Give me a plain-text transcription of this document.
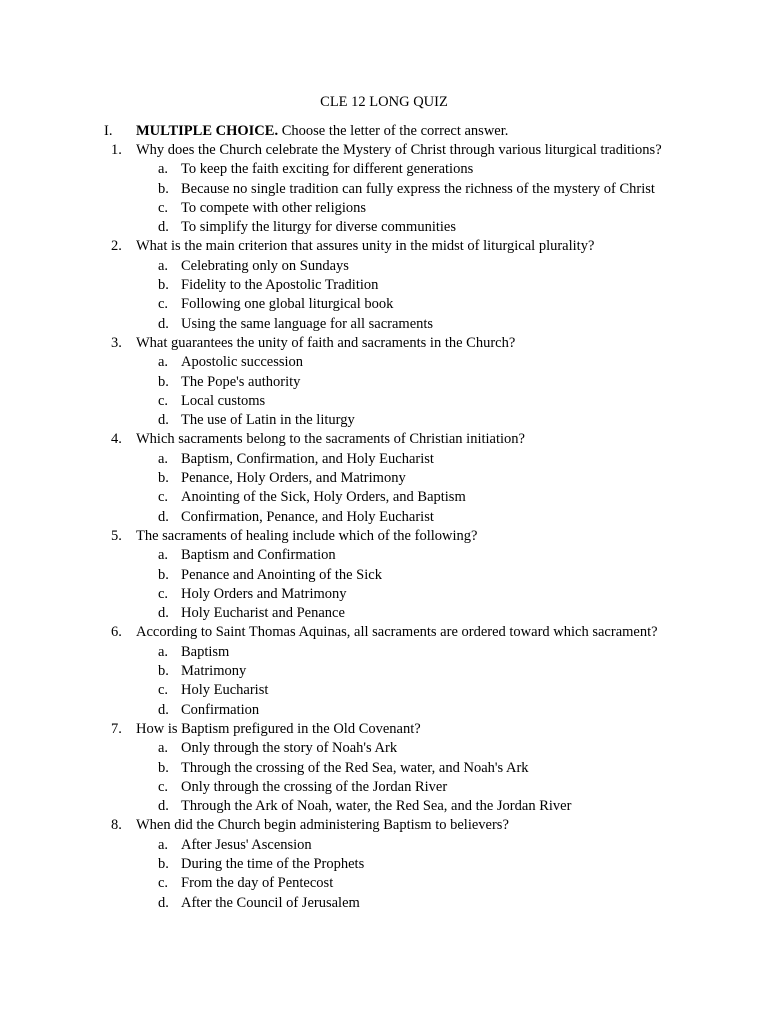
CLE 12 LONG QUIZ
I. MULTIPLE CHOICE. Choose the letter of the correct answer.
1. Why does the Church celebrate the Mystery of Christ through various liturgical traditions?
a. To keep the faith exciting for different generations
b. Because no single tradition can fully express the richness of the mystery of Christ
c. To compete with other religions
d. To simplify the liturgy for diverse communities
2. What is the main criterion that assures unity in the midst of liturgical plurality?
a. Celebrating only on Sundays
b. Fidelity to the Apostolic Tradition
c. Following one global liturgical book
d. Using the same language for all sacraments
3. What guarantees the unity of faith and sacraments in the Church?
a. Apostolic succession
b. The Pope's authority
c. Local customs
d. The use of Latin in the liturgy
4. Which sacraments belong to the sacraments of Christian initiation?
a. Baptism, Confirmation, and Holy Eucharist
b. Penance, Holy Orders, and Matrimony
c. Anointing of the Sick, Holy Orders, and Baptism
d. Confirmation, Penance, and Holy Eucharist
5. The sacraments of healing include which of the following?
a. Baptism and Confirmation
b. Penance and Anointing of the Sick
c. Holy Orders and Matrimony
d. Holy Eucharist and Penance
6. According to Saint Thomas Aquinas, all sacraments are ordered toward which sacrament?
a. Baptism
b. Matrimony
c. Holy Eucharist
d. Confirmation
7. How is Baptism prefigured in the Old Covenant?
a. Only through the story of Noah's Ark
b. Through the crossing of the Red Sea, water, and Noah's Ark
c. Only through the crossing of the Jordan River
d. Through the Ark of Noah, water, the Red Sea, and the Jordan River
8. When did the Church begin administering Baptism to believers?
a. After Jesus' Ascension
b. During the time of the Prophets
c. From the day of Pentecost
d. After the Council of Jerusalem
